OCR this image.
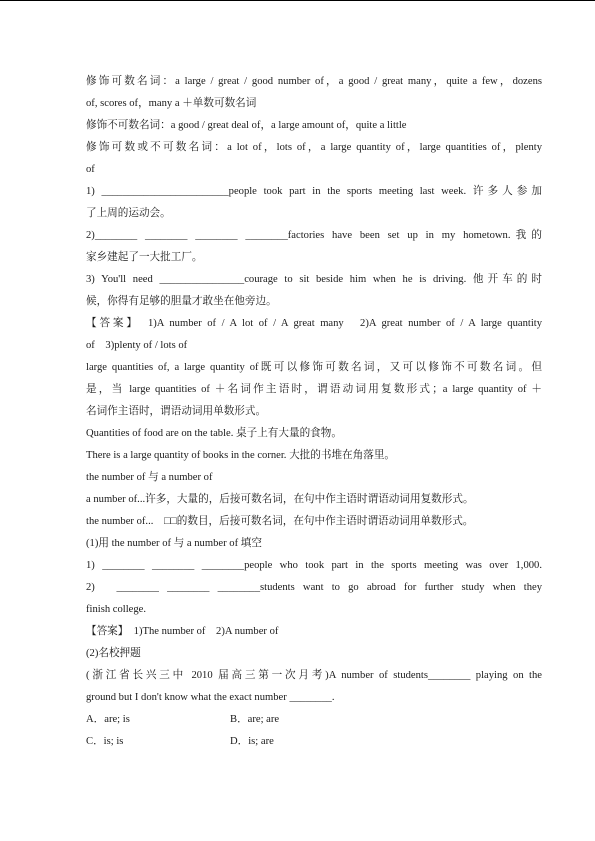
修饰可数名词：a large / great / good number of，a good / great many，quite a few，dozens
of, scores of，many a ＋单数可数名词
修饰不可数名词：a good / great deal of，a large amount of，quite a little
修饰可数或不可数名词：a lot of，lots of，a large quantity of，large quantities of，plenty
of
1) ________________________people took part in the sports meeting last week. 许多人参加
了上周的运动会。
2)________ ________ ________ ________factories have been set up in my hometown.我的
家乡建起了一大批工厂。
3) You'll need ________________courage to sit beside him when he is driving. 他开车的时
候，你得有足够的胆量才敢坐在他旁边。
【答案】　1)A number of / A lot of / A great many　2)A great number of / A large quantity
of　3)plenty of / lots of
large quantities of, a large quantity of既可以修饰可数名词，又可以修饰不可数名词。但
是，当 large quantities of ＋名词作主语时，谓语动词用复数形式；a large quantity of ＋
名词作主语时，谓语动词用单数形式。
Quantities of food are on the table. 桌子上有大量的食物。
There is a large quantity of books in the corner. 大批的书堆在角落里。
the number of 与 a number of
a number of...许多，大量的，后接可数名词，在句中作主语时谓语动词用复数形式。
the number of...　□□的数目，后接可数名词，在句中作主语时谓语动词用单数形式。
(1)用 the number of 与 a number of 填空
1) ________ ________ ________people who took part in the sports meeting was over 1,000.
2)　________ ________ ________students want to go abroad for further study when they
finish college.
【答案】　1)The number of　2)A number of
(2)名校押题
(浙江省长兴三中 2010 届高三第一次月考)A number of students________ playing on the
ground but I don't know what the exact number ________.
A．are; is	B．are; are
C．is; is	D．is; are
